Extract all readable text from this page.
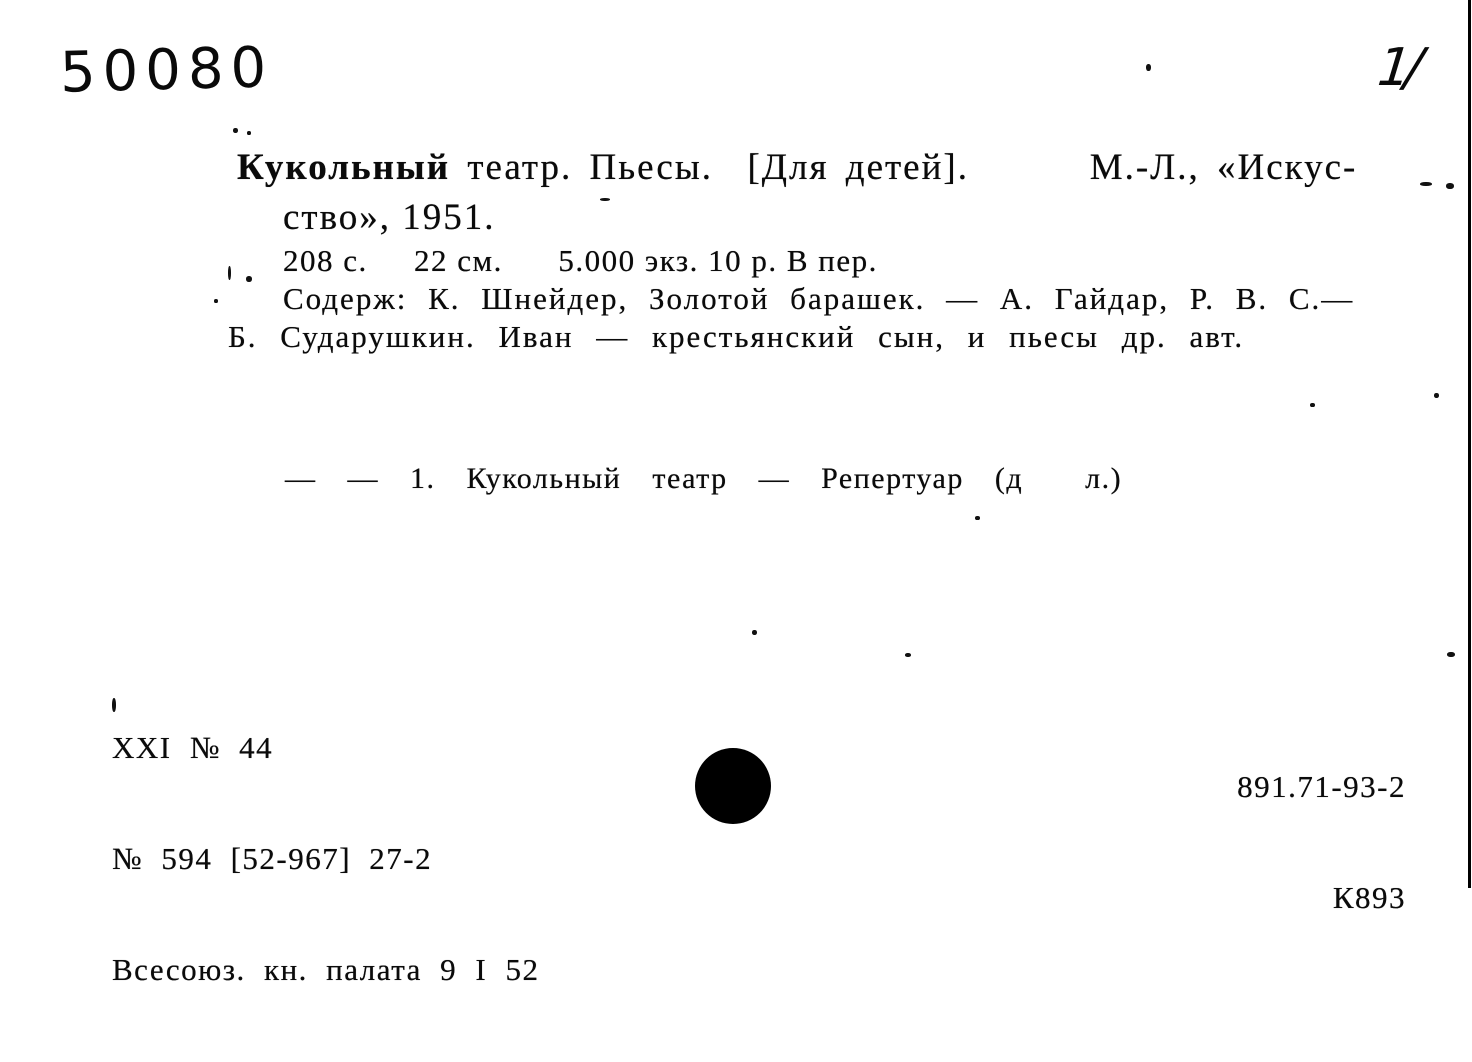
50080	1/
Кукольный театр. Пьесы.  [Для детей].       М.-Л., «Искус-
ство», 1951.
208 с.     22 см.      5.000 экз. 10 р. В пер.
Содерж: К. Шнейдер, Золотой барашек. — А. Гайдар, Р. В. С.—
Б. Сударушкин. Иван — крестьянский сын, и пьесы др. авт.
— — 1. Кукольный театр — Репертуар (д  л.)

XXI № 44

№ 594 [52-967] 27-2

Всесоюз. кн. палата 9 I 52

891.71-93-2

К893
